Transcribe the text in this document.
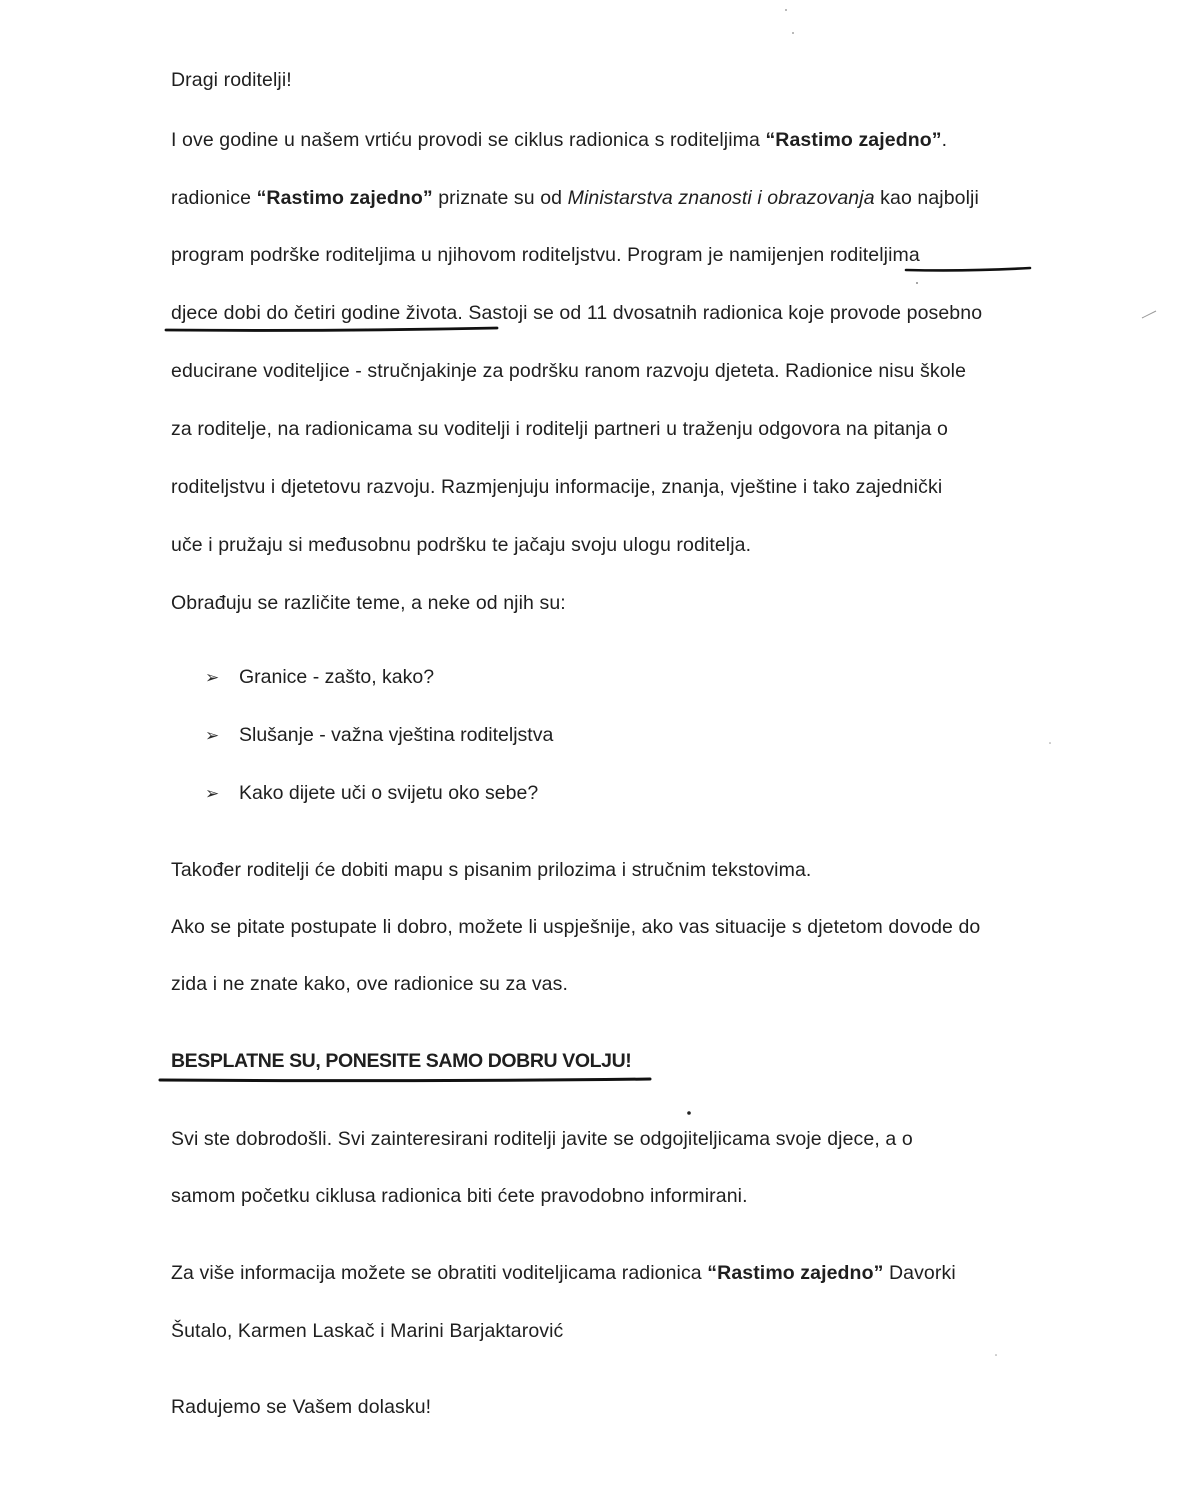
Dragi roditelji!

I ove godine u našem vrtiću provodi se ciklus radionica s roditeljima “Rastimo zajedno”.
radionice “Rastimo zajedno” priznate su od Ministarstva znanosti i obrazovanja kao najbolji
program podrške roditeljima u njihovom roditeljstvu. Program je namijenjen roditeljima
djece dobi do četiri godine života. Sastoji se od 11 dvosatnih radionica koje provode posebno
educirane voditeljice - stručnjakinje za podršku ranom razvoju djeteta. Radionice nisu škole
za roditelje, na radionicama su voditelji i roditelji partneri u traženju odgovora na pitanja o
roditeljstvu i djetetovu razvoju. Razmjenjuju informacije, znanja, vještine i tako zajednički
uče i pružaju si međusobnu podršku te jačaju svoju ulogu roditelja.
Obrađuju se različite teme, a neke od njih su:
➢ Granice - zašto, kako?
➢ Slušanje - važna vještina roditeljstva
➢ Kako dijete uči o svijetu oko sebe?
Također roditelji će dobiti mapu s pisanim prilozima i stručnim tekstovima.
Ako se pitate postupate li dobro, možete li uspješnije, ako vas situacije s djetetom dovode do
zida i ne znate kako, ove radionice su za vas.
BESPLATNE SU, PONESITE SAMO DOBRU VOLJU!
Svi ste dobrodošli. Svi zainteresirani roditelji javite se odgojiteljicama svoje djece, a o
samom početku ciklusa radionica biti ćete pravodobno informirani.
Za više informacija možete se obratiti voditeljicama radionica “Rastimo zajedno” Davorki
Šutalo, Karmen Laskač i Marini Barjaktarović
Radujemo se Vašem dolasku!
